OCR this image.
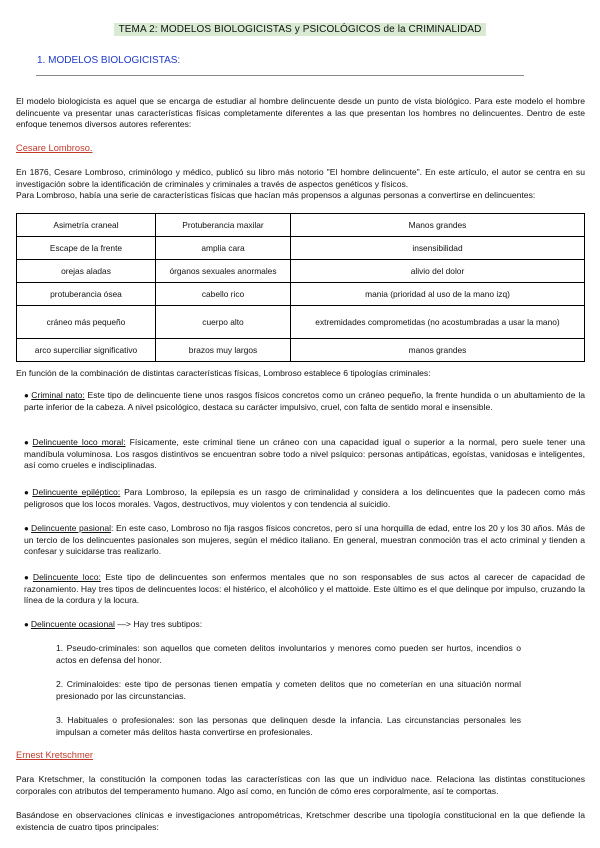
TEMA 2: MODELOS BIOLOGICISTAS y PSICOLÓGICOS de la CRIMINALIDAD
1. MODELOS BIOLOGICISTAS:

El modelo biologicista es aquel que se encarga de estudiar al hombre delincuente desde un punto de vista biológico. Para este modelo el hombre delincuente va presentar unas características físicas completamente diferentes a las que presentan los hombres no delincuentes. Dentro de este enfoque tenemos diversos autores referentes:

Cesare Lombroso.

En 1876, Cesare Lombroso, criminólogo y médico, publicó su libro más notorio "El hombre delincuente". En este artículo, el autor se centra en su investigación sobre la identificación de criminales y criminales a través de aspectos genéticos y físicos.

Para Lombroso, había una serie de características físicas que hacían más propensos a algunas personas a convertirse en delincuentes:

Asimetría craneal	Protuberancia maxilar	Manos grandes
Escape de la frente	amplia cara	insensibilidad
orejas aladas	órganos sexuales anormales	alivio del dolor
protuberancia ósea	cabello rico	mania (prioridad al uso de la mano izq)
cráneo más pequeño	cuerpo alto	extremidades comprometidas (no acostumbradas a usar la mano)
arco superciliar significativo	brazos muy largos	manos grandes

En función de la combinación de distintas características físicas, Lombroso establece 6 tipologías criminales:

● Criminal nato: Este tipo de delincuente tiene unos rasgos físicos concretos como un cráneo pequeño, la frente hundida o un abultamiento de la parte inferior de la cabeza. A nivel psicológico, destaca su carácter impulsivo, cruel, con falta de sentido moral e insensible.

● Delincuente loco moral: Físicamente, este criminal tiene un cráneo con una capacidad igual o superior a la normal, pero suele tener una mandíbula voluminosa. Los rasgos distintivos se encuentran sobre todo a nivel psíquico: personas antipáticas, egoístas, vanidosas e inteligentes, así como crueles e indisciplinadas.

● Delincuente epiléptico: Para Lombroso, la epilepsia es un rasgo de criminalidad y considera a los delincuentes que la padecen como más peligrosos que los locos morales. Vagos, destructivos, muy violentos y con tendencia al suicidio.

● Delincuente pasional: En este caso, Lombroso no fija rasgos físicos concretos, pero sí una horquilla de edad, entre los 20 y los 30 años. Más de un tercio de los delincuentes pasionales son mujeres, según el médico italiano. En general, muestran conmoción tras el acto criminal y tienden a confesar y suicidarse tras realizarlo.

● Delincuente loco: Este tipo de delincuentes son enfermos mentales que no son responsables de sus actos al carecer de capacidad de razonamiento. Hay tres tipos de delincuentes locos: el histérico, el alcohólico y el mattoide. Este último es el que delinque por impulso, cruzando la línea de la cordura y la locura.

● Delincuente ocasional —> Hay tres subtipos:

1. Pseudo-criminales: son aquellos que cometen delitos involuntarios y menores como pueden ser hurtos, incendios o actos en defensa del honor.

2. Criminaloides: este tipo de personas tienen empatía y cometen delitos que no cometerían en una situación normal presionado por las circunstancias.

3. Habituales o profesionales: son las personas que delinquen desde la infancia. Las circunstancias personales les impulsan a cometer más delitos hasta convertirse en profesionales.

Ernest Kretschmer

Para Kretschmer, la constitución la componen todas las características con las que un individuo nace. Relaciona las distintas constituciones corporales con atributos del temperamento humano. Algo así como, en función de cómo eres corporalmente, así te comportas.

Basándose en observaciones clínicas e investigaciones antropométricas, Kretschmer describe una tipología constitucional en la que defiende la existencia de cuatro tipos principales:
